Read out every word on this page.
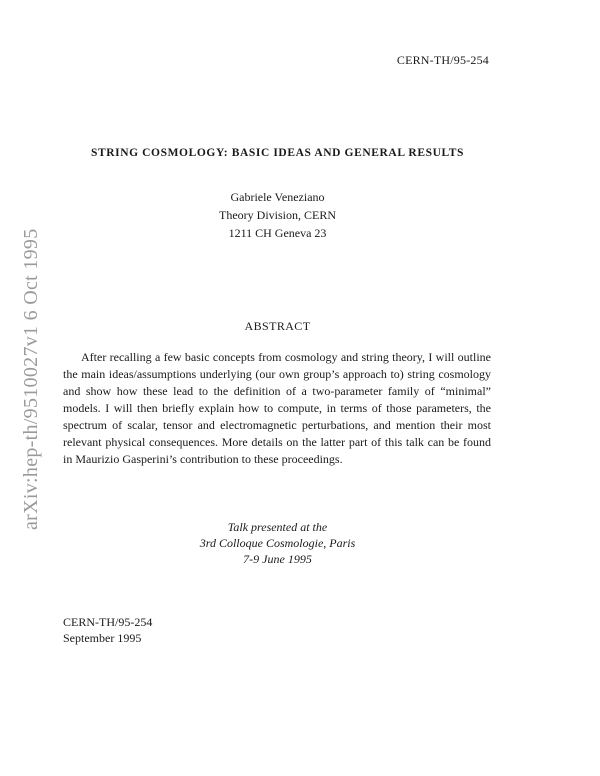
CERN-TH/95-254
arXiv:hep-th/9510027v1 6 Oct 1995
STRING COSMOLOGY: BASIC IDEAS AND GENERAL RESULTS
Gabriele Veneziano
Theory Division, CERN
1211 CH Geneva 23
ABSTRACT

After recalling a few basic concepts from cosmology and string theory, I will outline the main ideas/assumptions underlying (our own group’s approach to) string cosmology and show how these lead to the definition of a two-parameter family of “minimal” models. I will then briefly explain how to compute, in terms of those parameters, the spectrum of scalar, tensor and electromagnetic perturbations, and mention their most relevant physical consequences. More details on the latter part of this talk can be found in Maurizio Gasperini’s contribution to these proceedings.

Talk presented at the
3rd Colloque Cosmologie, Paris
7-9 June 1995
CERN-TH/95-254
September 1995
